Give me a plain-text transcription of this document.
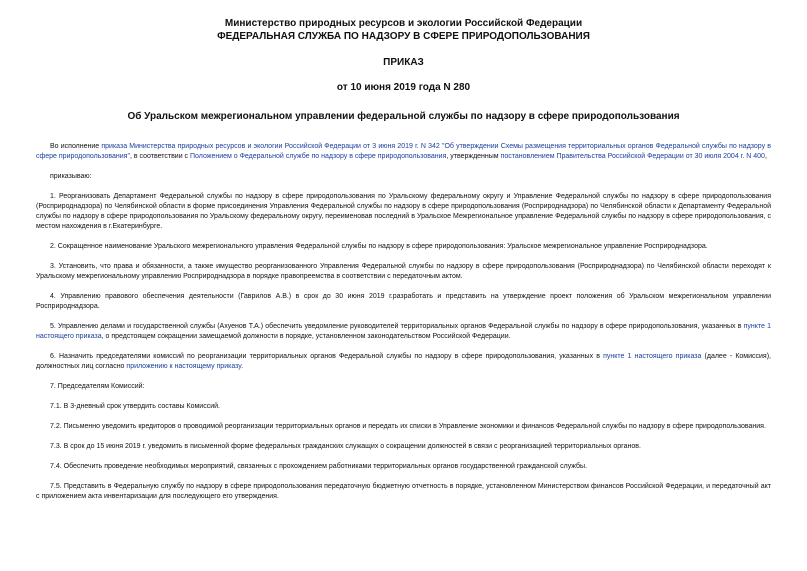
Министерство природных ресурсов и экологии Российской Федерации
ФЕДЕРАЛЬНАЯ СЛУЖБА ПО НАДЗОРУ В СФЕРЕ ПРИРОДОПОЛЬЗОВАНИЯ
ПРИКАЗ
от 10 июня 2019 года N 280
Об Уральском межрегиональном управлении федеральной службы по надзору в сфере природопользования

Во исполнение приказа Министерства природных ресурсов и экологии Российской Федерации от 3 июня 2019 г. N 342 "Об утверждении Схемы размещения территориальных органов Федеральной службы по надзору в сфере природопользования", в соответствии с Положением о Федеральной службе по надзору в сфере природопользования, утвержденным постановлением Правительства Российской Федерации от 30 июля 2004 г. N 400,

приказываю:

1. Реорганизовать Департамент Федеральной службы по надзору в сфере природопользования по Уральскому федеральному округу и Управление Федеральной службы по надзору в сфере природопользования (Росприроднадзора) по Челябинской области в форме присоединения Управления Федеральной службы по надзору в сфере природопользования (Росприроднадзора) по Челябинской области к Департаменту Федеральной службы по надзору в сфере природопользования по Уральскому федеральному округу, переименовав последний в Уральское Межрегиональное управление Федеральной службы по надзору в сфере природопользования, с местом нахождения в г.Екатеринбурге.

2. Сокращенное наименование Уральского межрегионального управления Федеральной службы по надзору в сфере природопользования: Уральское межрегиональное управление Росприроднадзора.

3. Установить, что права и обязанности, а также имущество реорганизованного Управления Федеральной службы по надзору в сфере природопользования (Росприроднадзора) по Челябинской области переходят к Уральскому межрегиональному управлению Росприроднадзора в порядке правопреемства в соответствии с передаточным актом.

4. Управлению правового обеспечения деятельности (Гаврилов А.В.) в срок до 30 июня 2019 г.разработать и представить на утверждение проект положения об Уральском межрегиональном управлении Росприроднадзора.

5. Управлению делами и государственной службы (Ахуенов Т.А.) обеспечить уведомление руководителей территориальных органов Федеральной службы по надзору в сфере природопользования, указанных в пункте 1 настоящего приказа, о предстоящем сокращении замещаемой должности в порядке, установленном законодательством Российской Федерации.

6. Назначить председателями комиссий по реорганизации территориальных органов Федеральной службы по надзору в сфере природопользования, указанных в пункте 1 настоящего приказа (далее - Комиссия), должностных лиц согласно приложению к настоящему приказу.

7. Председателям Комиссий:

7.1. В 3-дневный срок утвердить составы Комиссий.

7.2. Письменно уведомить кредиторов о проводимой реорганизации территориальных органов и передать их списки в Управление экономики и финансов Федеральной службы по надзору в сфере природопользования.

7.3. В срок до 15 июня 2019 г. уведомить в письменной форме федеральных гражданских служащих о сокращении должностей в связи с реорганизацией территориальных органов.

7.4. Обеспечить проведение необходимых мероприятий, связанных с прохождением работниками территориальных органов государственной гражданской службы.

7.5. Представить в Федеральную службу по надзору в сфере природопользования передаточную бюджетную отчетность в порядке, установленном Министерством финансов Российской Федерации, и передаточный акт с приложением акта инвентаризации для последующего его утверждения.
